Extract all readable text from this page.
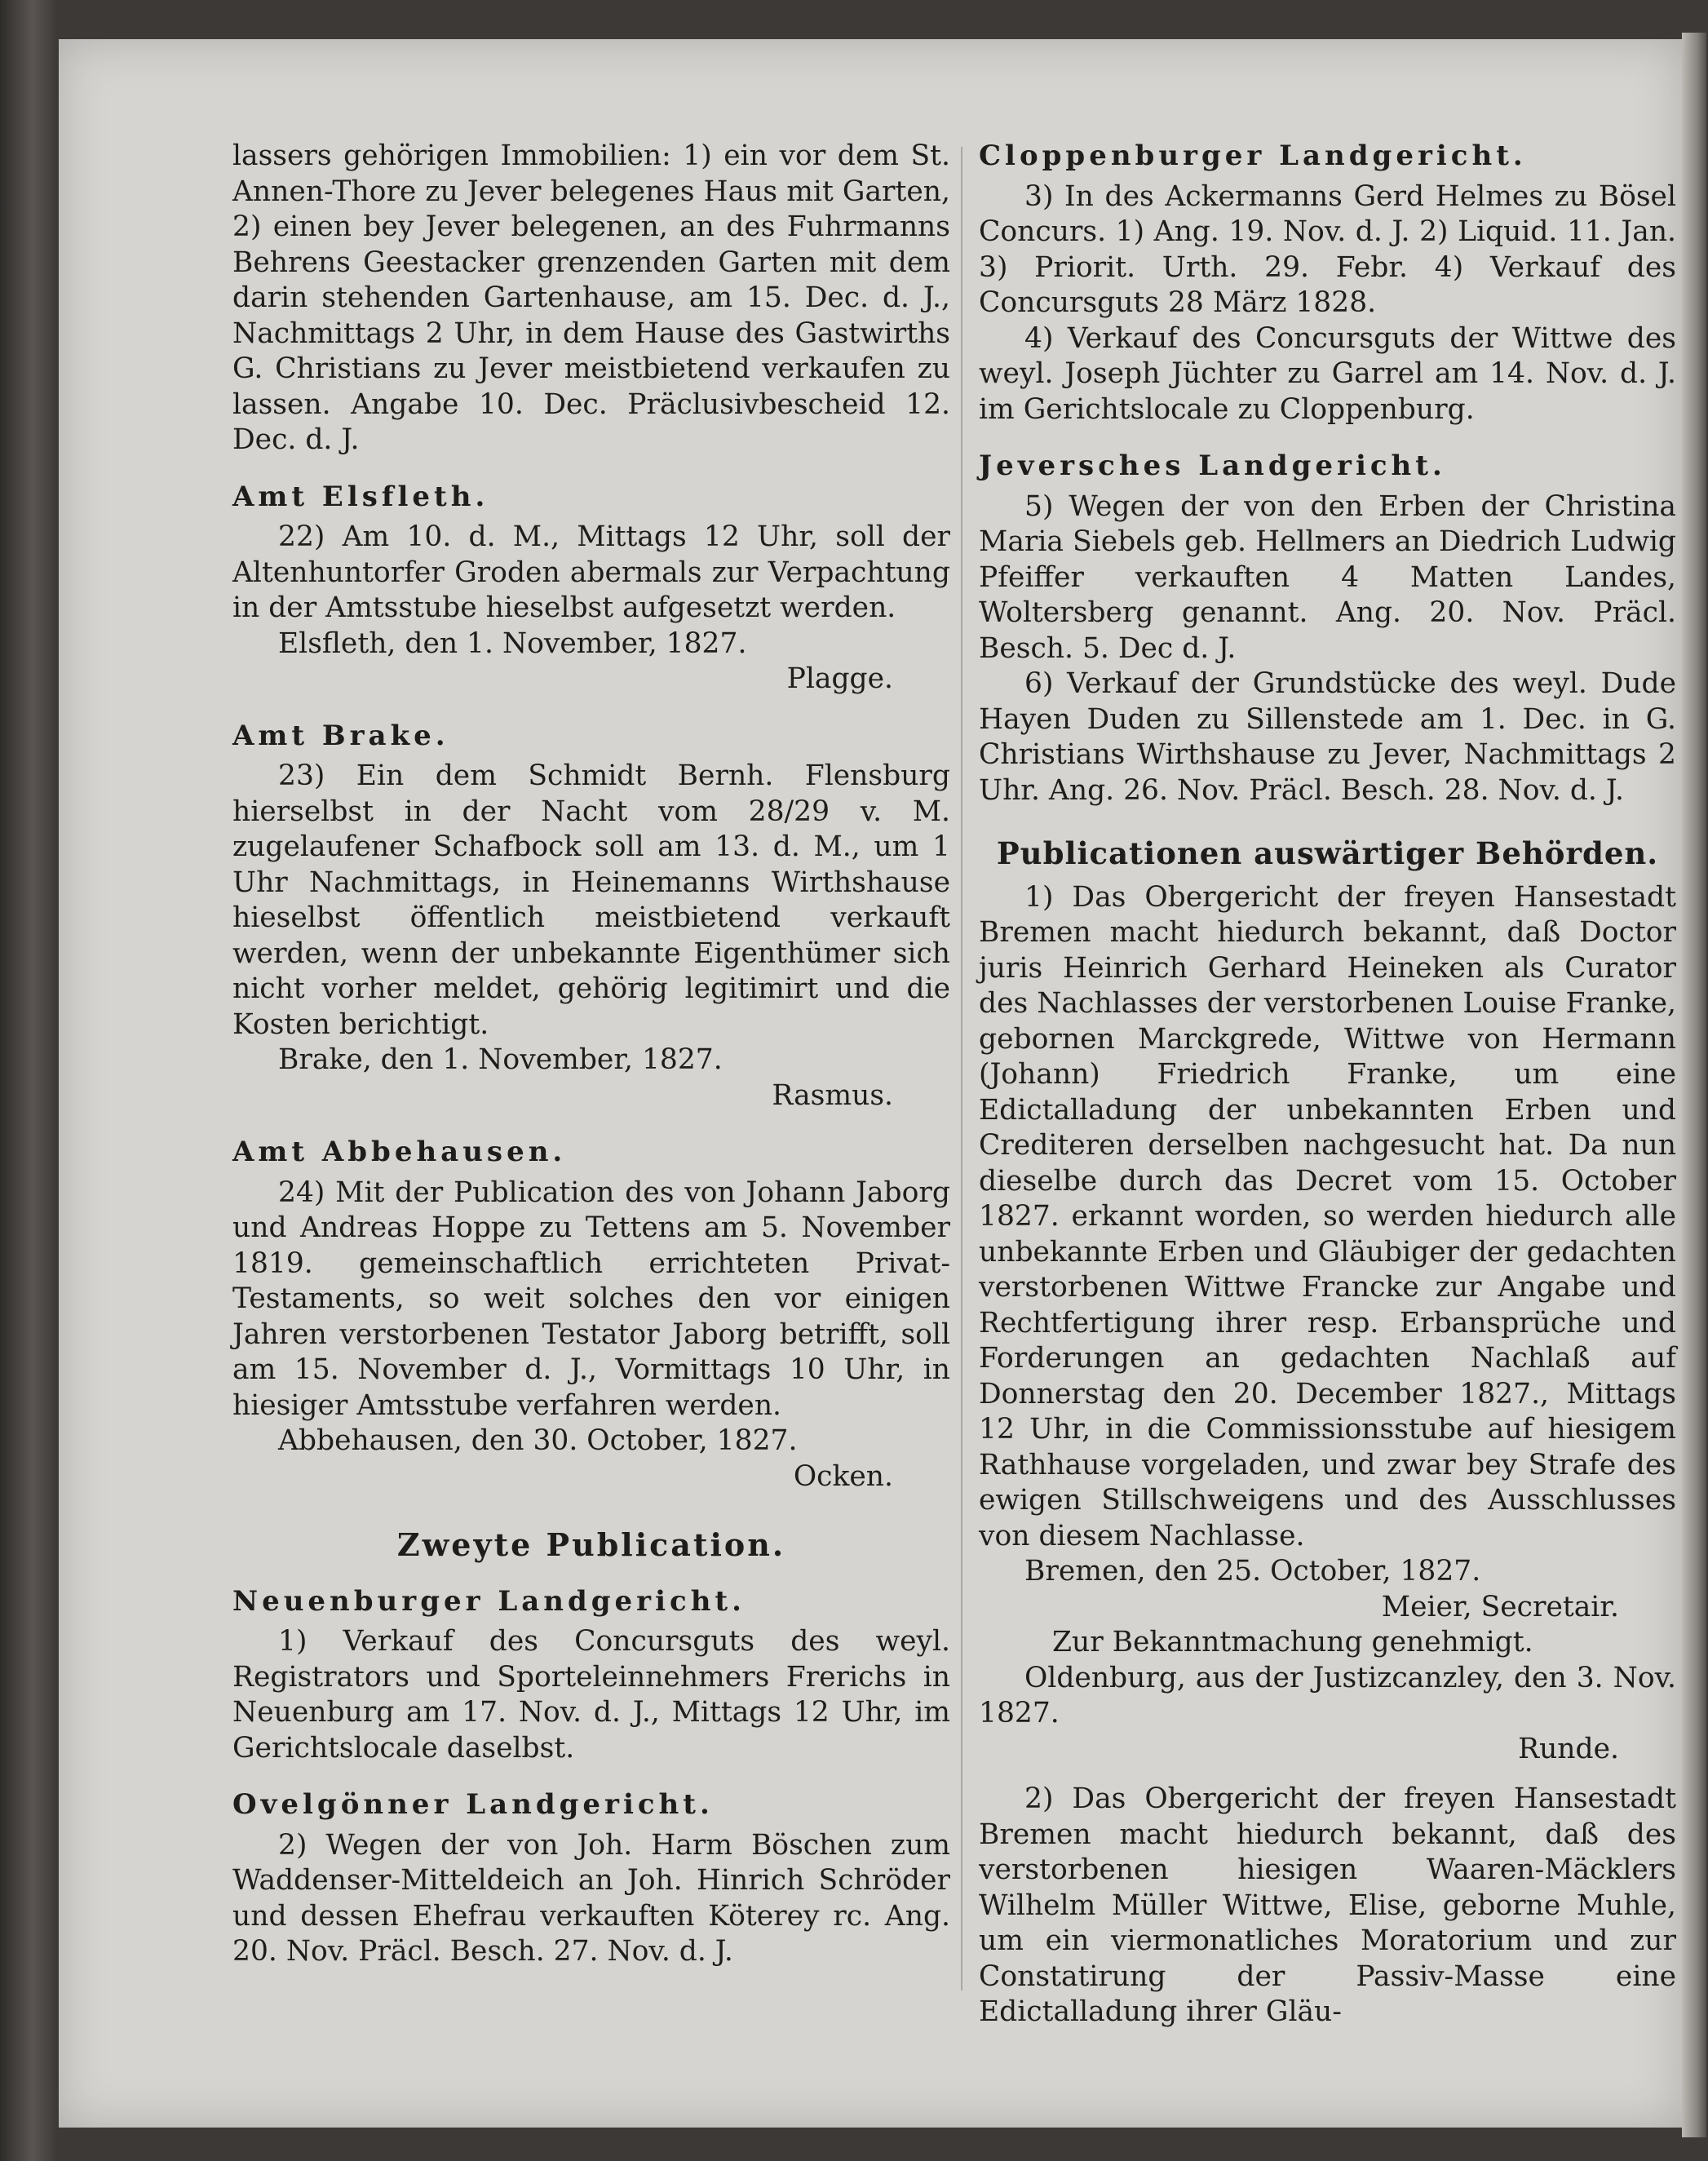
lassers gehörigen Immobilien: 1) ein vor dem St. Annen-Thore zu Jever belegenes Haus mit Garten, 2) einen bey Jever belegenen, an des Fuhrmanns Behrens Geestacker grenzenden Garten mit dem darin stehenden Gartenhause, am 15. Dec. d. J., Nachmittags 2 Uhr, in dem Hause des Gastwirths G. Christians zu Jever meistbietend verkaufen zu lassen. Angabe 10. Dec. Präclusivbescheid 12. Dec. d. J.

Amt Elsfleth.

22) Am 10. d. M., Mittags 12 Uhr, soll der Altenhuntorfer Groden abermals zur Verpachtung in der Amtsstube hieselbst aufgesetzt werden.

Elsfleth, den 1. November, 1827.

Plagge.

Amt Brake.

23) Ein dem Schmidt Bernh. Flensburg hierselbst in der Nacht vom 28/29 v. M. zugelaufener Schafbock soll am 13. d. M., um 1 Uhr Nachmittags, in Heinemanns Wirthshause hieselbst öffentlich meistbietend verkauft werden, wenn der unbekannte Eigenthümer sich nicht vorher meldet, gehörig legitimirt und die Kosten berichtigt.

Brake, den 1. November, 1827.

Rasmus.

Amt Abbehausen.

24) Mit der Publication des von Johann Jaborg und Andreas Hoppe zu Tettens am 5. November 1819. gemeinschaftlich errichteten Privat-Testaments, so weit solches den vor einigen Jahren verstorbenen Testator Jaborg betrifft, soll am 15. November d. J., Vormittags 10 Uhr, in hiesiger Amtsstube verfahren werden.

Abbehausen, den 30. October, 1827.

Ocken.

Zweyte Publication.

Neuenburger Landgericht.

1) Verkauf des Concursguts des weyl. Registrators und Sporteleinnehmers Frerichs in Neuenburg am 17. Nov. d. J., Mittags 12 Uhr, im Gerichtslocale daselbst.

Ovelgönner Landgericht.

2) Wegen der von Joh. Harm Böschen zum Waddenser-Mitteldeich an Joh. Hinrich Schröder und dessen Ehefrau verkauften Köterey rc. Ang. 20. Nov. Präcl. Besch. 27. Nov. d. J.

Cloppenburger Landgericht.

3) In des Ackermanns Gerd Helmes zu Bösel Concurs. 1) Ang. 19. Nov. d. J. 2) Liquid. 11. Jan. 3) Priorit. Urth. 29. Febr. 4) Verkauf des Concursguts 28 März 1828.

4) Verkauf des Concursguts der Wittwe des weyl. Joseph Jüchter zu Garrel am 14. Nov. d. J. im Gerichtslocale zu Cloppenburg.

Jeversches Landgericht.

5) Wegen der von den Erben der Christina Maria Siebels geb. Hellmers an Diedrich Ludwig Pfeiffer verkauften 4 Matten Landes, Woltersberg genannt. Ang. 20. Nov. Präcl. Besch. 5. Dec d. J.

6) Verkauf der Grundstücke des weyl. Dude Hayen Duden zu Sillenstede am 1. Dec. in G. Christians Wirthshause zu Jever, Nachmittags 2 Uhr. Ang. 26. Nov. Präcl. Besch. 28. Nov. d. J.

Publicationen auswärtiger Behörden.

1) Das Obergericht der freyen Hansestadt Bremen macht hiedurch bekannt, daß Doctor juris Heinrich Gerhard Heineken als Curator des Nachlasses der verstorbenen Louise Franke, gebornen Marckgrede, Wittwe von Hermann (Johann) Friedrich Franke, um eine Edictalladung der unbekannten Erben und Crediteren derselben nachgesucht hat. Da nun dieselbe durch das Decret vom 15. October 1827. erkannt worden, so werden hiedurch alle unbekannte Erben und Gläubiger der gedachten verstorbenen Wittwe Francke zur Angabe und Rechtfertigung ihrer resp. Erbansprüche und Forderungen an gedachten Nachlaß auf Donnerstag den 20. December 1827., Mittags 12 Uhr, in die Commissionsstube auf hiesigem Rathhause vorgeladen, und zwar bey Strafe des ewigen Stillschweigens und des Ausschlusses von diesem Nachlasse.

Bremen, den 25. October, 1827.

Meier, Secretair.

Zur Bekanntmachung genehmigt.

Oldenburg, aus der Justizcanzley, den 3. Nov. 1827.

Runde.

2) Das Obergericht der freyen Hansestadt Bremen macht hiedurch bekannt, daß des verstorbenen hiesigen Waaren-Mäcklers Wilhelm Müller Wittwe, Elise, geborne Muhle, um ein viermonatliches Moratorium und zur Constatirung der Passiv-Masse eine Edictalladung ihrer Gläu-
